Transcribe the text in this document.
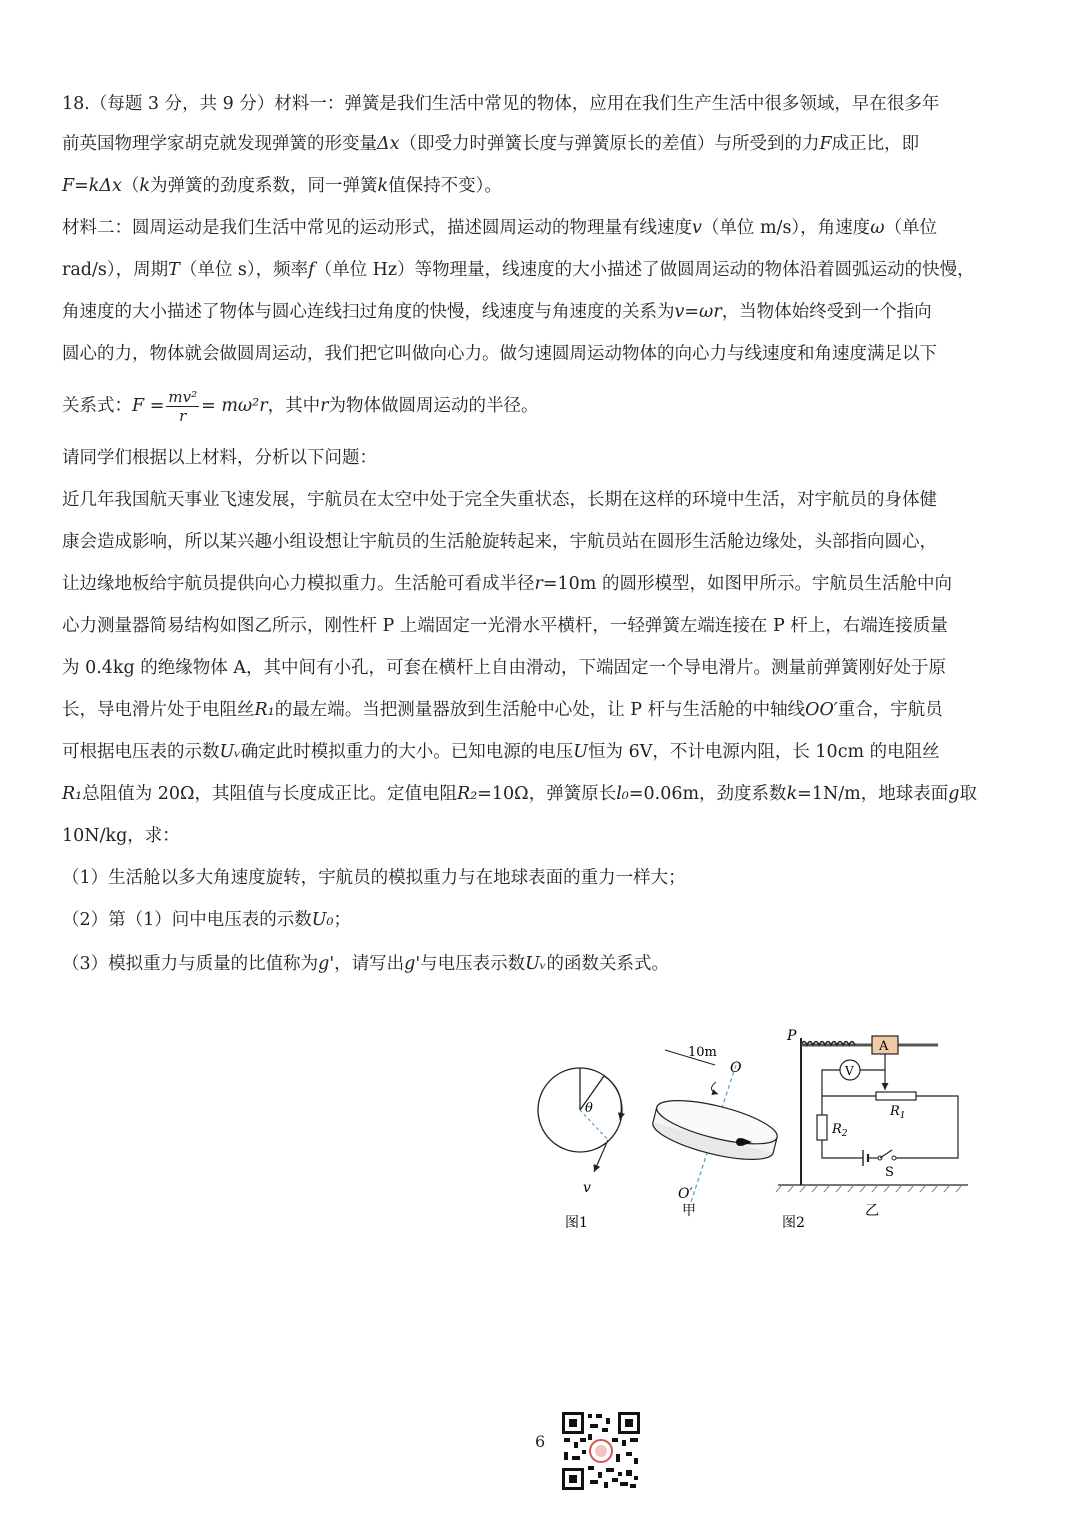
18.（每题 3 分，共 9 分）材料一：弹簧是我们生活中常见的物体，应用在我们生产生活中很多领域，早在很多年
前英国物理学家胡克就发现弹簧的形变量Δx（即受力时弹簧长度与弹簧原长的差值）与所受到的力F成正比，即
F=kΔx（k为弹簧的劲度系数，同一弹簧k值保持不变）。
材料二：圆周运动是我们生活中常见的运动形式，描述圆周运动的物理量有线速度v（单位 m/s），角速度ω（单位
rad/s），周期T（单位 s），频率f（单位 Hz）等物理量，线速度的大小描述了做圆周运动的物体沿着圆弧运动的快慢，
角速度的大小描述了物体与圆心连线扫过角度的快慢，线速度与角速度的关系为v=ωr，当物体始终受到一个指向
圆心的力，物体就会做圆周运动，我们把它叫做向心力。做匀速圆周运动物体的向心力与线速度和角速度满足以下
关系式：$F = \frac{\text{mv²}}{r} = m\omega^2r$，其中r为物体做圆周运动的半径。
请同学们根据以上材料，分析以下问题：
近几年我国航天事业飞速发展，宇航员在太空中处于完全失重状态，长期在这样的环境中生活，对宇航员的身体健
康会造成影响，所以某兴趣小组设想让宇航员的生活舱旋转起来，宇航员站在圆形生活舱边缘处，头部指向圆心，
让边缘地板给宇航员提供向心力模拟重力。生活舱可看成半径r=10m 的圆形模型，如图甲所示。宇航员生活舱中向
心力测量器简易结构如图乙所示，刚性杆 P 上端固定一光滑水平横杆，一轻弹簧左端连接在 P 杆上，右端连接质量
为 0.4kg 的绝缘物体 A，其中间有小孔，可套在横杆上自由滑动，下端固定一个导电滑片。测量前弹簧刚好处于原
长，导电滑片处于电阻丝R₁的最左端。当把测量器放到生活舱中心处，让 P 杆与生活舱的中轴线OO′重合，宇航员
可根据电压表的示数Uᵥ确定此时模拟重力的大小。已知电源的电压U恒为 6V，不计电源内阻，长 10cm 的电阻丝
R₁总阻值为 20Ω，其阻值与长度成正比。定值电阻R₂=10Ω，弹簧原长l₀=0.06m，劲度系数k=1N/m，地球表面g取
10N/kg，求：
（1）生活舱以多大角速度旋转，宇航员的模拟重力与在地球表面的重力一样大；
（2）第（1）问中电压表的示数U₀；
（3）模拟重力与质量的比值称为g'，请写出g'与电压表示数Uᵥ的函数关系式。
θ
v
图1
10m
O
O′
甲
P
A
$R_1$
V
$R_2$
S
图2
乙
6
